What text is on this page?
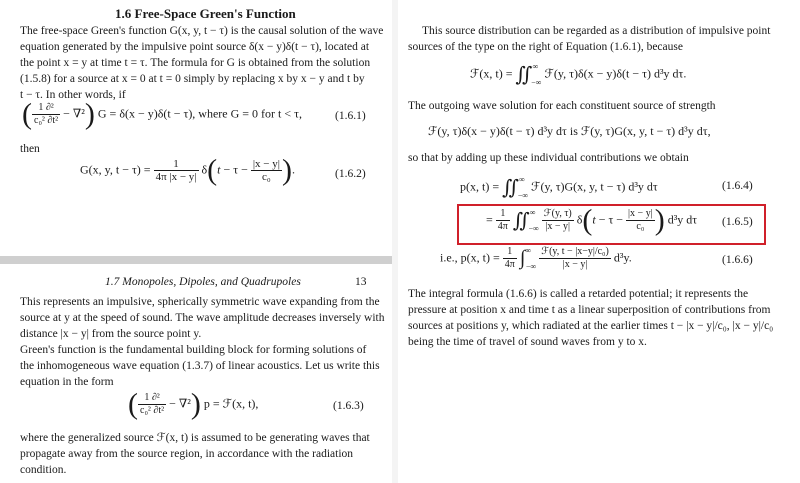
1.6 Free-Space Green's Function
The free-space Green's function G(x, y, t − τ) is the causal solution of the wave
equation generated by the impulsive point source δ(x − y)δ(t − τ), located at
the point x = y at time t = τ. The formula for G is obtained from the solution
(1.5.8) for a source at x = 0 at t = 0 simply by replacing x by x − y and t by
t − τ. In other words, if
( $\frac{\text{1 ∂²}}{\text{c₀² ∂t²}} - \nabla^2$) G = δ(x − y)δ(t − τ), where G = 0 for t < τ,	(1.6.1)
then
G(x, y, $t - \tau) = \frac{1}{4\pi |x - y|} \delta(t - \tau - \frac{|x - y|}{\text{c₀}}$ ).	(1.6.2)
1.7 Monopoles, Dipoles, and Quadrupoles	13
This represents an impulsive, spherically symmetric wave expanding from the
source at y at the speed of sound. The wave amplitude decreases inversely with
distance |x − y| from the source point y.
Green's function is the fundamental building block for forming solutions of
the inhomogeneous wave equation (1.3.7) of linear acoustics. Let us write this
equation in the form
( $\frac{\text{1 ∂²}}{\text{c₀² ∂t²}} - \nabla^2$) p = ℱ(x, t),	(1.6.3)
where the generalized source ℱ(x, t) is assumed to be generating waves that
propagate away from the source region, in accordance with the radiation
condition.
This source distribution can be regarded as a distribution of impulsive point
sources of the type on the right of Equation (1.6.1), because
ℱ(x, t) = ∬∞−∞ ℱ(y, τ)δ(x − y)δ(t − τ) d³y dτ.
The outgoing wave solution for each constituent source of strength
ℱ(y, τ)δ(x − y)δ(t − τ) d³y dτ is ℱ(y, τ)G(x, y, t − τ) d³y dτ,
so that by adding up these individual contributions we obtain
p(x, t) = ∬∞−∞ ℱ(y, τ)G(x, y, t − τ) d³y dτ	(1.6.4)
= $\frac{1}{4\pi}$ ∬∞−∞ $\frac{\text{ℱ(y, τ)}}{|x - y|} \delta(t - \tau - \frac{|x - y|}{\text{c₀}}$ ) d³y dτ (1.6.5)
i.e., p(x, $t) = \frac{1}{4\pi} \int^\infty-\infty \frac{\text{ℱ(y, t − |x−y|/c₀)}}{|x - y|} d^3y$.	(1.6.6)
The integral formula (1.6.6) is called a retarded potential; it represents the
pressure at position x and time t as a linear superposition of contributions from
sources at positions y, which radiated at the earlier times t − |x − y|/c₀, |x − y|/c₀
being the time of travel of sound waves from y to x.
